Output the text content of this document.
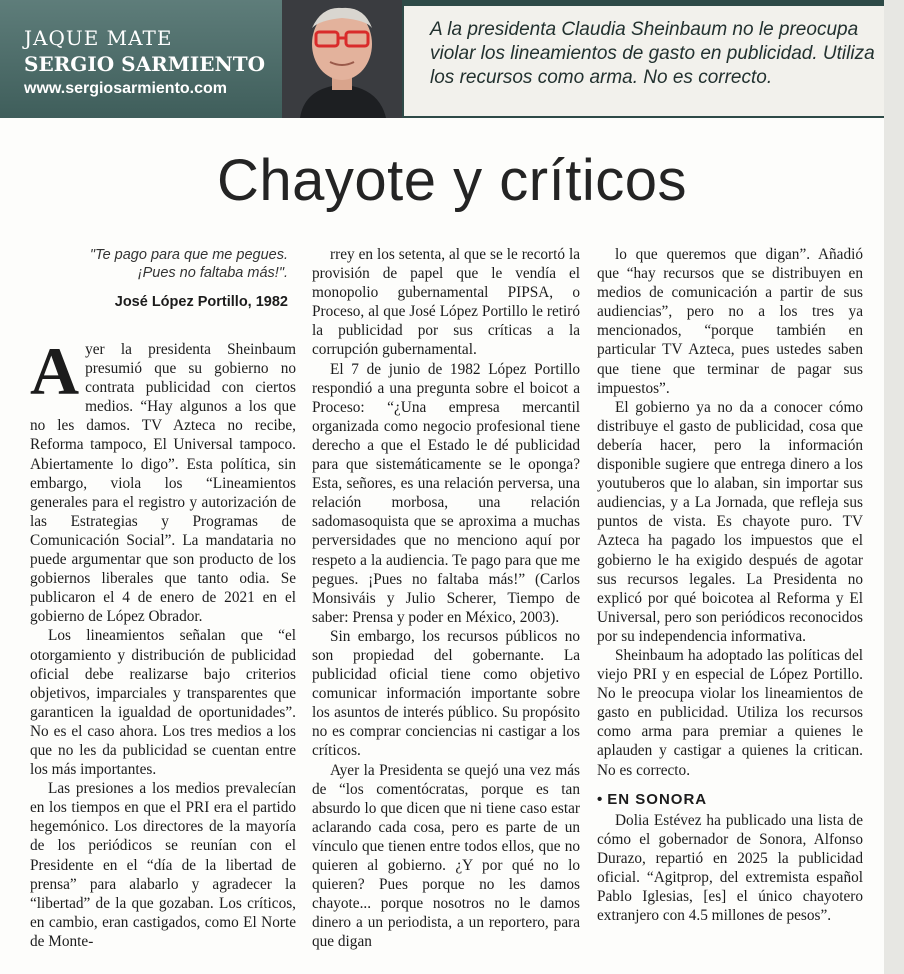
JAQUE MATE
SERGIO SARMIENTO
www.sergiosarmiento.com

A la presidenta Claudia Sheinbaum no le preocupa violar los lineamientos de gasto en publicidad. Utiliza los recursos como arma. No es correcto.

Chayote y críticos
"Te pago para que me pegues.
¡Pues no faltaba más!".
José López Portillo, 1982

Ayer la presidenta Sheinbaum presumió que su gobierno no contrata publicidad con ciertos medios. “Hay algunos a los que no les damos. TV Azteca no recibe, Reforma tampoco, El Universal tampoco. Abiertamente lo digo”. Esta política, sin embargo, viola los “Lineamientos generales para el registro y autorización de las Estrategias y Programas de Comunicación Social”. La mandataria no puede argumentar que son producto de los gobiernos liberales que tanto odia. Se publicaron el 4 de enero de 2021 en el gobierno de López Obrador.

Los lineamientos señalan que “el otorgamiento y distribución de publicidad oficial debe realizarse bajo criterios objetivos, imparciales y transparentes que garanticen la igualdad de oportunidades”. No es el caso ahora. Los tres medios a los que no les da publicidad se cuentan entre los más importantes.

Las presiones a los medios prevalecían en los tiempos en que el PRI era el partido hegemónico. Los directores de la mayoría de los periódicos se reunían con el Presidente en el “día de la libertad de prensa” para alabarlo y agradecer la “libertad” de la que gozaban. Los críticos, en cambio, eran castigados, como El Norte de Monte-

rrey en los setenta, al que se le recortó la provisión de papel que le vendía el monopolio gubernamental PIPSA, o Proceso, al que José López Portillo le retiró la publicidad por sus críticas a la corrupción gubernamental.

El 7 de junio de 1982 López Portillo respondió a una pregunta sobre el boicot a Proceso: “¿Una empresa mercantil organizada como negocio profesional tiene derecho a que el Estado le dé publicidad para que sistemáticamente se le oponga? Esta, señores, es una relación perversa, una relación morbosa, una relación sadomasoquista que se aproxima a muchas perversidades que no menciono aquí por respeto a la audiencia. Te pago para que me pegues. ¡Pues no faltaba más!” (Carlos Monsiváis y Julio Scherer, Tiempo de saber: Prensa y poder en México, 2003).

Sin embargo, los recursos públicos no son propiedad del gobernante. La publicidad oficial tiene como objetivo comunicar información importante sobre los asuntos de interés público. Su propósito no es comprar conciencias ni castigar a los críticos.

Ayer la Presidenta se quejó una vez más de “los comentócratas, porque es tan absurdo lo que dicen que ni tiene caso estar aclarando cada cosa, pero es parte de un vínculo que tienen entre todos ellos, que no quieren al gobierno. ¿Y por qué no lo quieren? Pues porque no les damos chayote... porque nosotros no le damos dinero a un periodista, a un reportero, para que digan

lo que queremos que digan”. Añadió que “hay recursos que se distribuyen en medios de comunicación a partir de sus audiencias”, pero no a los tres ya mencionados, “porque también en particular TV Azteca, pues ustedes saben que tiene que terminar de pagar sus impuestos”.

El gobierno ya no da a conocer cómo distribuye el gasto de publicidad, cosa que debería hacer, pero la información disponible sugiere que entrega dinero a los youtuberos que lo alaban, sin importar sus audiencias, y a La Jornada, que refleja sus puntos de vista. Es chayote puro. TV Azteca ha pagado los impuestos que el gobierno le ha exigido después de agotar sus recursos legales. La Presidenta no explicó por qué boicotea al Reforma y El Universal, pero son periódicos reconocidos por su independencia informativa.

Sheinbaum ha adoptado las políticas del viejo PRI y en especial de López Portillo. No le preocupa violar los lineamientos de gasto en publicidad. Utiliza los recursos como arma para premiar a quienes le aplauden y castigar a quienes la critican. No es correcto.

• EN SONORA

Dolia Estévez ha publicado una lista de cómo el gobernador de Sonora, Alfonso Durazo, repartió en 2025 la publicidad oficial. “Agitprop, del extremista español Pablo Iglesias, [es] el único chayotero extranjero con 4.5 millones de pesos”.
